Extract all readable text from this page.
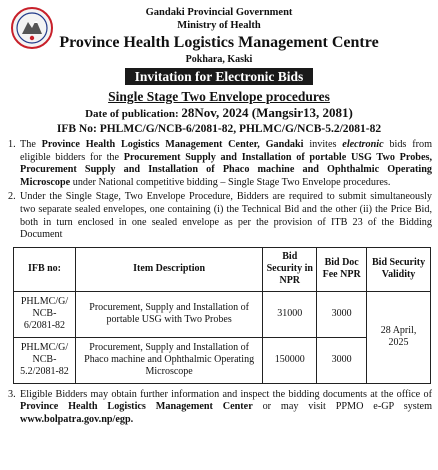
Gandaki Provincial Government
Ministry of Health
Province Health Logistics Management Centre
Pokhara, Kaski
Invitation for Electronic Bids
Single Stage Two Envelope procedures
Date of publication: 28Nov, 2024 (Mangsir13, 2081)
IFB No: PHLMC/G/NCB-6/2081-82, PHLMC/G/NCB-5.2/2081-82
1. The Province Health Logistics Management Center, Gandaki invites electronic bids from eligible bidders for the Procurement Supply and Installation of portable USG Two Probes, Procurement Supply and Installation of Phaco machine and Ophthalmic Operating Microscope under National competitive bidding – Single Stage Two Envelope procedures.
2. Under the Single Stage, Two Envelope Procedure, Bidders are required to submit simultaneously two separate sealed envelopes, one containing (i) the Technical Bid and the other (ii) the Price Bid, both in turn enclosed in one sealed envelope as per the provision of ITB 23 of the Bidding Document
IFB no:	Item Description	Bid Security in NPR	Bid Doc Fee NPR	Bid Security Validity
PHLMC/G/ NCB-6/2081-82	Procurement, Supply and Installation of portable USG with Two Probes	31000	3000	28 April, 2025
PHLMC/G/ NCB-5.2/2081-82	Procurement, Supply and Installation of Phaco machine and Ophthalmic Operating Microscope	150000	3000	
3. Eligible Bidders may obtain further information and inspect the bidding documents at the office of Province Health Logistics Management Center or may visit PPMO e-GP system www.bolpatra.gov.np/egp.
